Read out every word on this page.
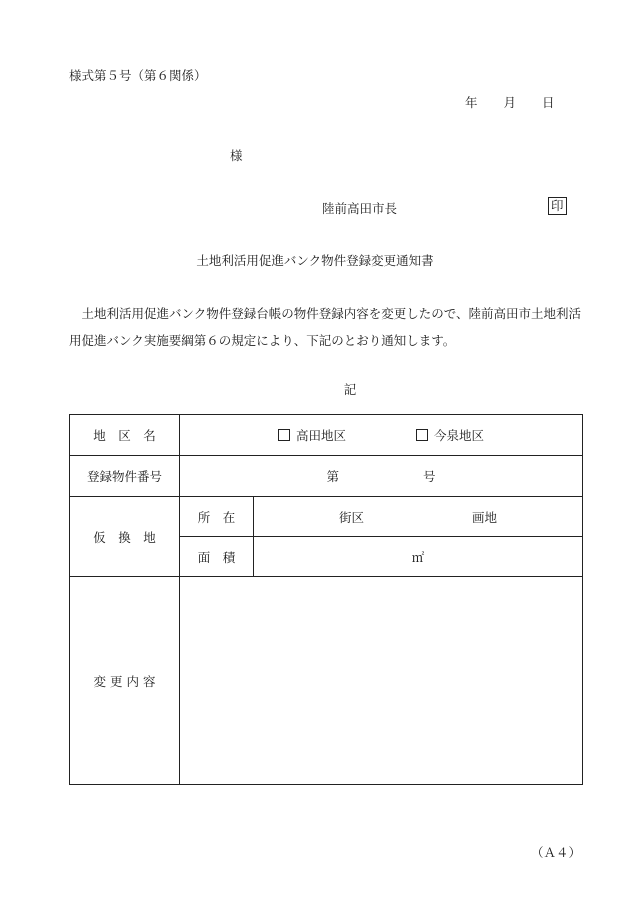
様式第５号（第６関係）
年 月 日
様
陸前高田市長	印
土地利活用促進バンク物件登録変更通知書
土地利活用促進バンク物件登録台帳の物件登録内容を変更したので、陸前高田市土地利活用促進バンク実施要綱第６の規定により、下記のとおり通知します。
記
地　区　名	高田地区 今泉地区	
登録物件番号	第 号	
仮　換　地	所　在	街区 画地
	面　積	㎡
変 更 内 容		
（Ａ４）
